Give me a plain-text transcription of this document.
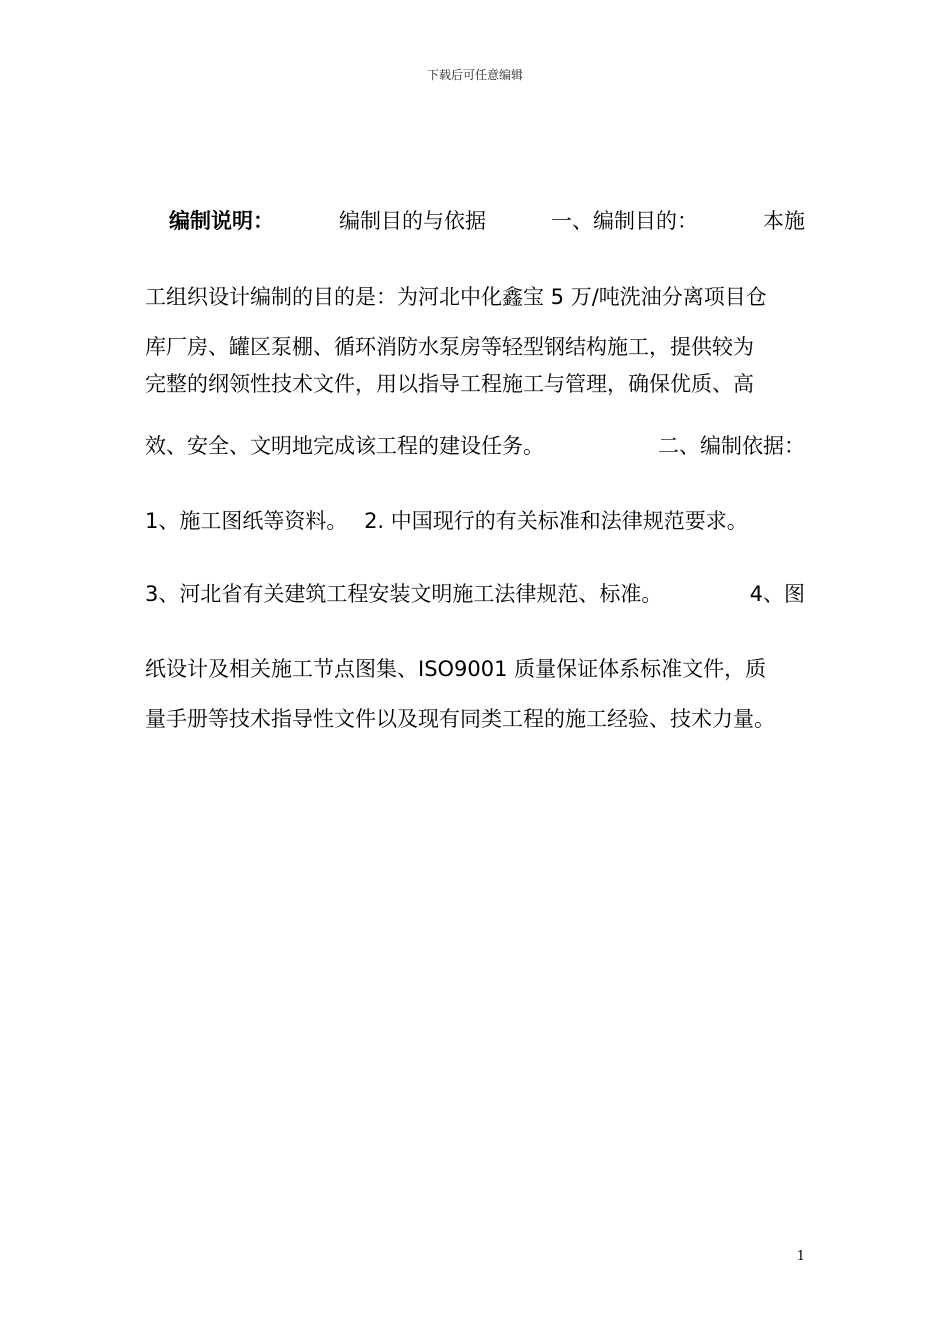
下载后可任意编辑
编制说明：	编制目的与依据	一、编制目的：	本施
工组织设计编制的目的是：为河北中化鑫宝 5 万/吨洗油分离项目仓
库厂房、罐区泵棚、循环消防水泵房等轻型钢结构施工，提供较为
完整的纲领性技术文件，用以指导工程施工与管理，确保优质、高
效、安全、文明地完成该工程的建设任务。	二、编制依据：
1、施工图纸等资料。 2. 中国现行的有关标准和法律规范要求。
3、河北省有关建筑工程安装文明施工法律规范、标准。	4、图
纸设计及相关施工节点图集、ISO9001 质量保证体系标准文件，质
量手册等技术指导性文件以及现有同类工程的施工经验、技术力量。
1
